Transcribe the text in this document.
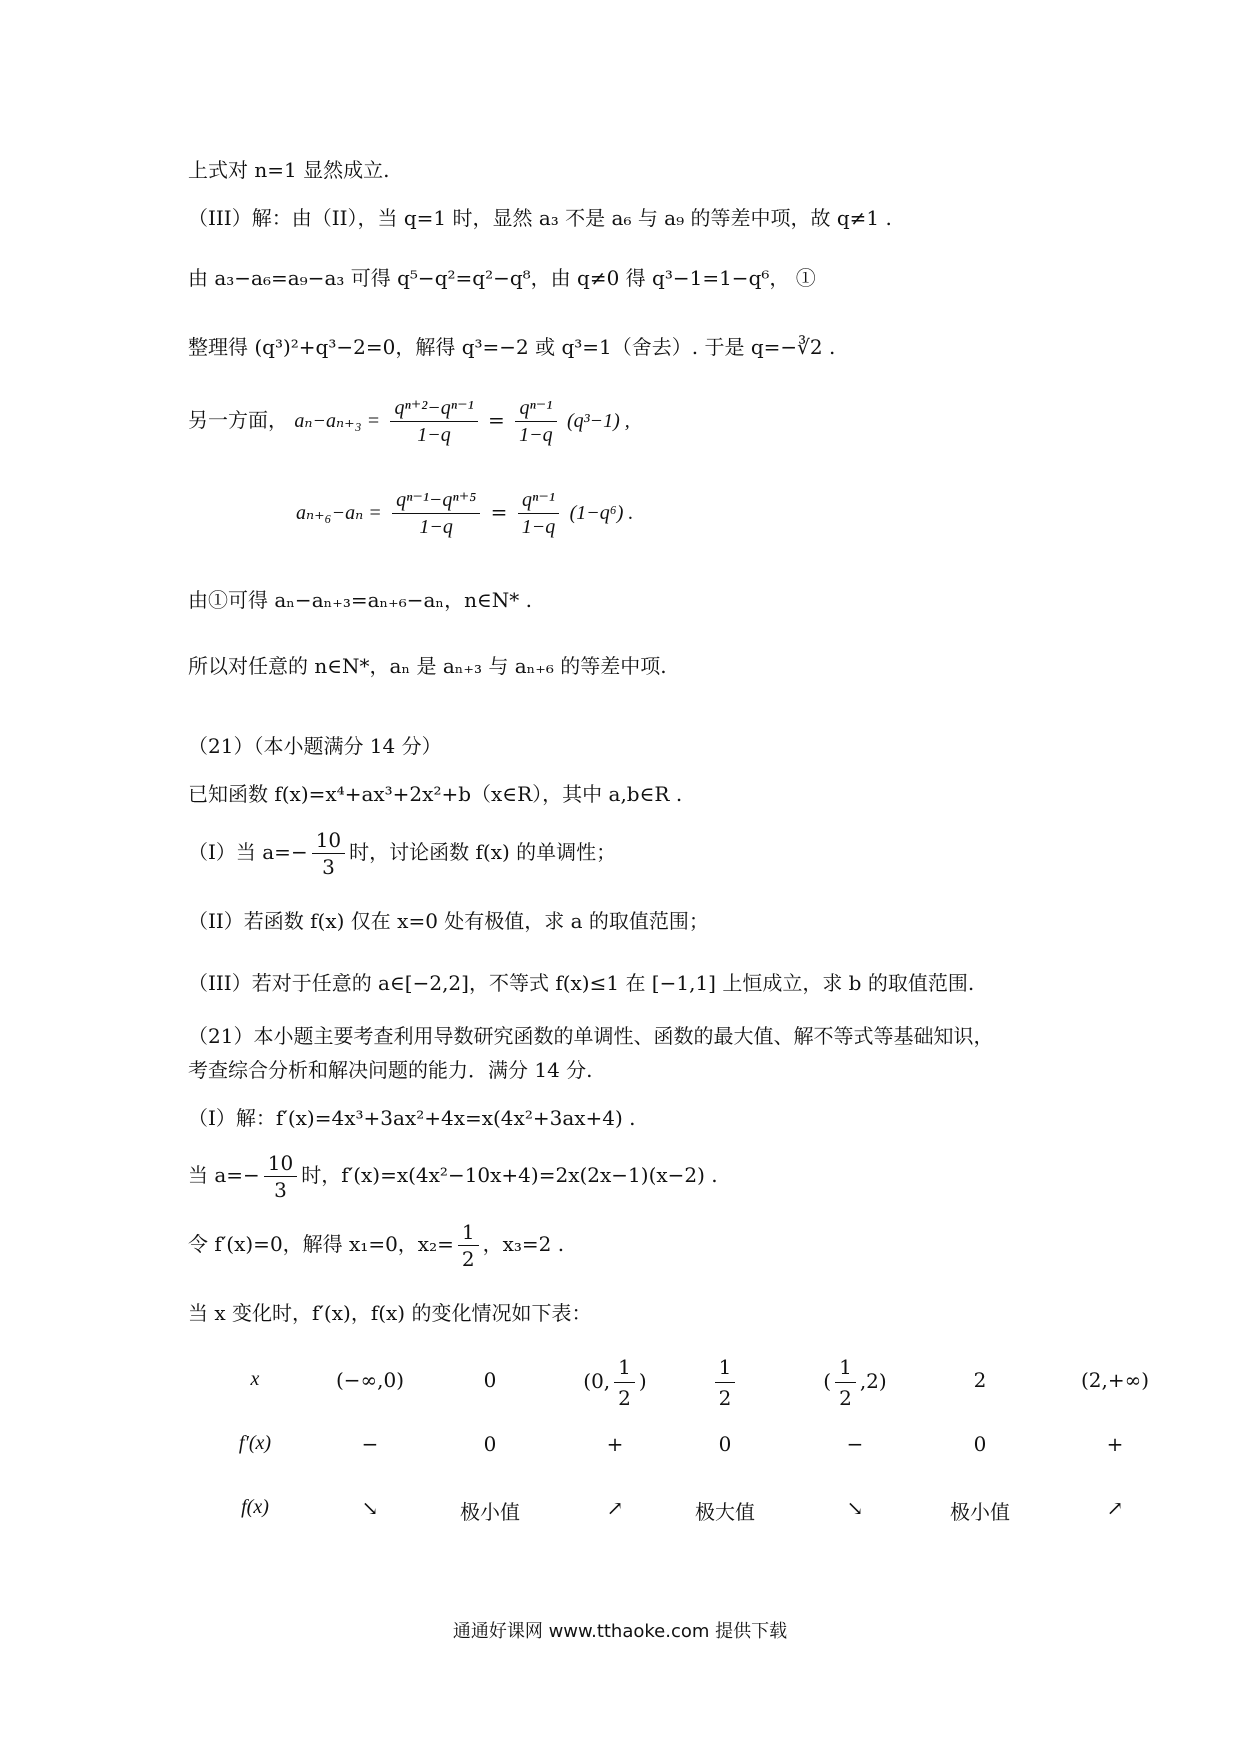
上式对 n=1 显然成立.
（III）解：由（II），当 q=1 时，显然 a₃ 不是 a₆ 与 a₉ 的等差中项，故 q≠1 .
由 a₃−a₆=a₉−a₃ 可得 q⁵−q²=q²−q⁸，由 q≠0 得 q³−1=1−q⁶， ①
整理得 (q³)²+q³−2=0，解得 q³=−2 或 q³=1（舍去）. 于是 q=−∛2 .
另一方面， $a_n-a_{n+3} = \frac{\text{qⁿ⁺²−qⁿ⁻¹}}{1-q} = \frac{\text{qⁿ⁻¹}}{1-q} (q^3-1)$ ,
$a_{n+6}-a_n = \frac{\text{qⁿ⁻¹−qⁿ⁺⁵}}{1-q} = \frac{\text{qⁿ⁻¹}}{1-q} (1-q^6)$ .
由①可得 aₙ−aₙ₊₃=aₙ₊₆−aₙ，n∈N* .
所以对任意的 n∈N*，aₙ 是 aₙ₊₃ 与 aₙ₊₆ 的等差中项.
（21）（本小题满分 14 分）
已知函数 f(x)=x⁴+ax³+2x²+b（x∈R），其中 a,b∈R .
（I）当 $a=- \frac{10}{3}$ 时，讨论函数 f(x) 的单调性；
（II）若函数 f(x) 仅在 x=0 处有极值，求 a 的取值范围；
（III）若对于任意的 a∈[−2,2]，不等式 f(x)≤1 在 [−1,1] 上恒成立，求 b 的取值范围.
（21）本小题主要考查利用导数研究函数的单调性、函数的最大值、解不等式等基础知识，
考查综合分析和解决问题的能力．满分 14 分.
（I）解：f′(x)=4x³+3ax²+4x=x(4x²+3ax+4) .
当 $a=- \frac{10}{3}$ 时，f′(x)=x(4x²−10x+4)=2x(2x−1)(x−2) .
令 f′(x)=0，解得 x₁=0，$x_2= \frac{1}{2}$ ，x₃=2 .
当 x 变化时，f′(x)，f(x) 的变化情况如下表：
x	(−∞,0)	0	(0, $\frac{1}{2}$ )	$\frac{1}{2}$	( $\frac{1}{2} ,2$)	2	(2,+∞)
f′(x)	−	0	+	0	−	0	+
f(x)	↘	极小值	↗	极大值	↘	极小值	↗
通通好课网 www.tthaoke.com 提供下载
